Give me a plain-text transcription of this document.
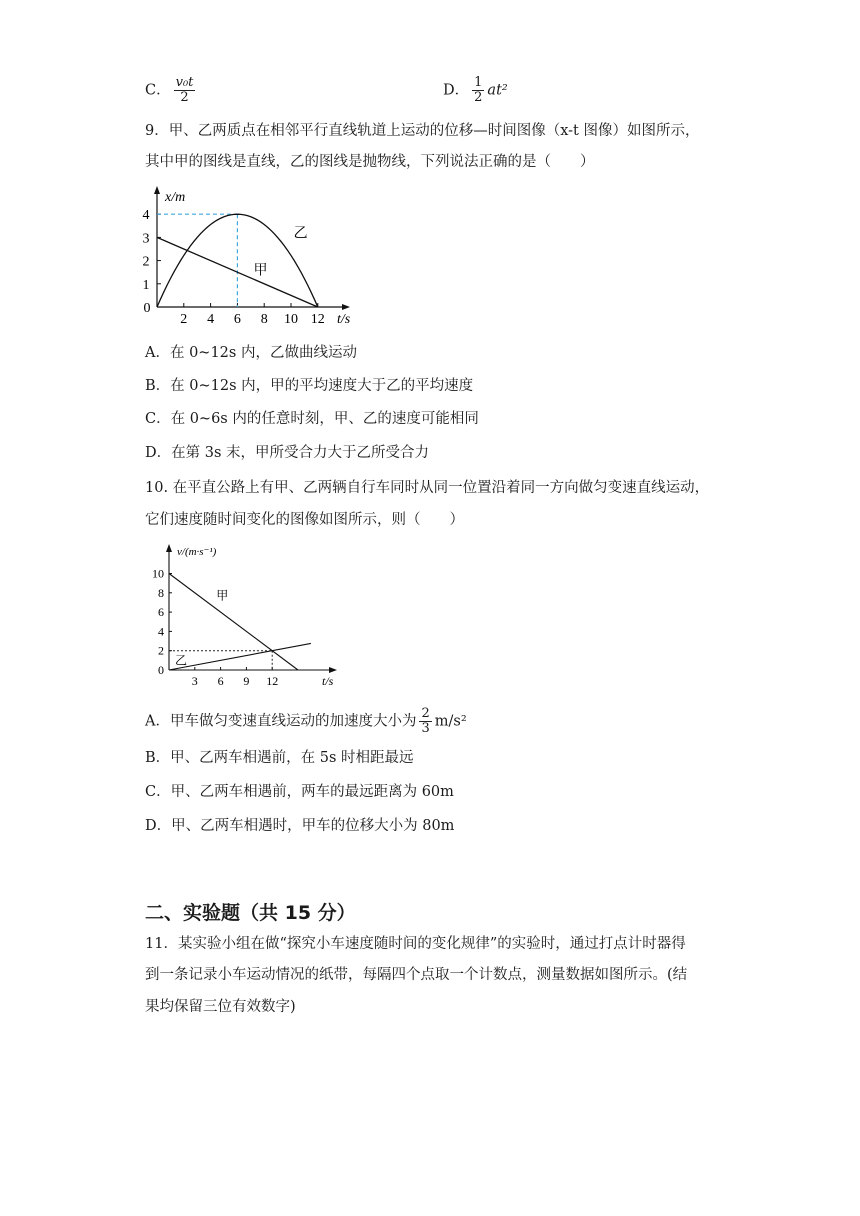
C． $\frac{\text{v₀t}}{2}$	D． $\frac{1}{2} at^2$
9．甲、乙两质点在相邻平行直线轨道上运动的位移—时间图像（x-t 图像）如图所示，
其中甲的图线是直线，乙的图线是抛物线，下列说法正确的是（　　）
2 4 6 8 10 12
1
2
3
4
0
t/s
x/m
甲
乙
A．在 0~12s 内，乙做曲线运动
B．在 0~12s 内，甲的平均速度大于乙的平均速度
C．在 0~6s 内的任意时刻，甲、乙的速度可能相同
D．在第 3s 末，甲所受合力大于乙所受合力
10. 在平直公路上有甲、乙两辆自行车同时从同一位置沿着同一方向做匀变速直线运动，
它们速度随时间变化的图像如图所示，则（　　）
3 6 9 12
2
4
6
8
10
0
t/s
v/(m·s⁻¹)
甲
乙
A．甲车做匀变速直线运动的加速度大小为 $\frac{2}{3} m/s^2$
B．甲、乙两车相遇前，在 5s 时相距最远
C．甲、乙两车相遇前，两车的最远距离为 60m
D．甲、乙两车相遇时，甲车的位移大小为 80m
二、实验题（共 15 分）
11．某实验小组在做“探究小车速度随时间的变化规律”的实验时，通过打点计时器得
到一条记录小车运动情况的纸带，每隔四个点取一个计数点，测量数据如图所示。(结
果均保留三位有效数字)
